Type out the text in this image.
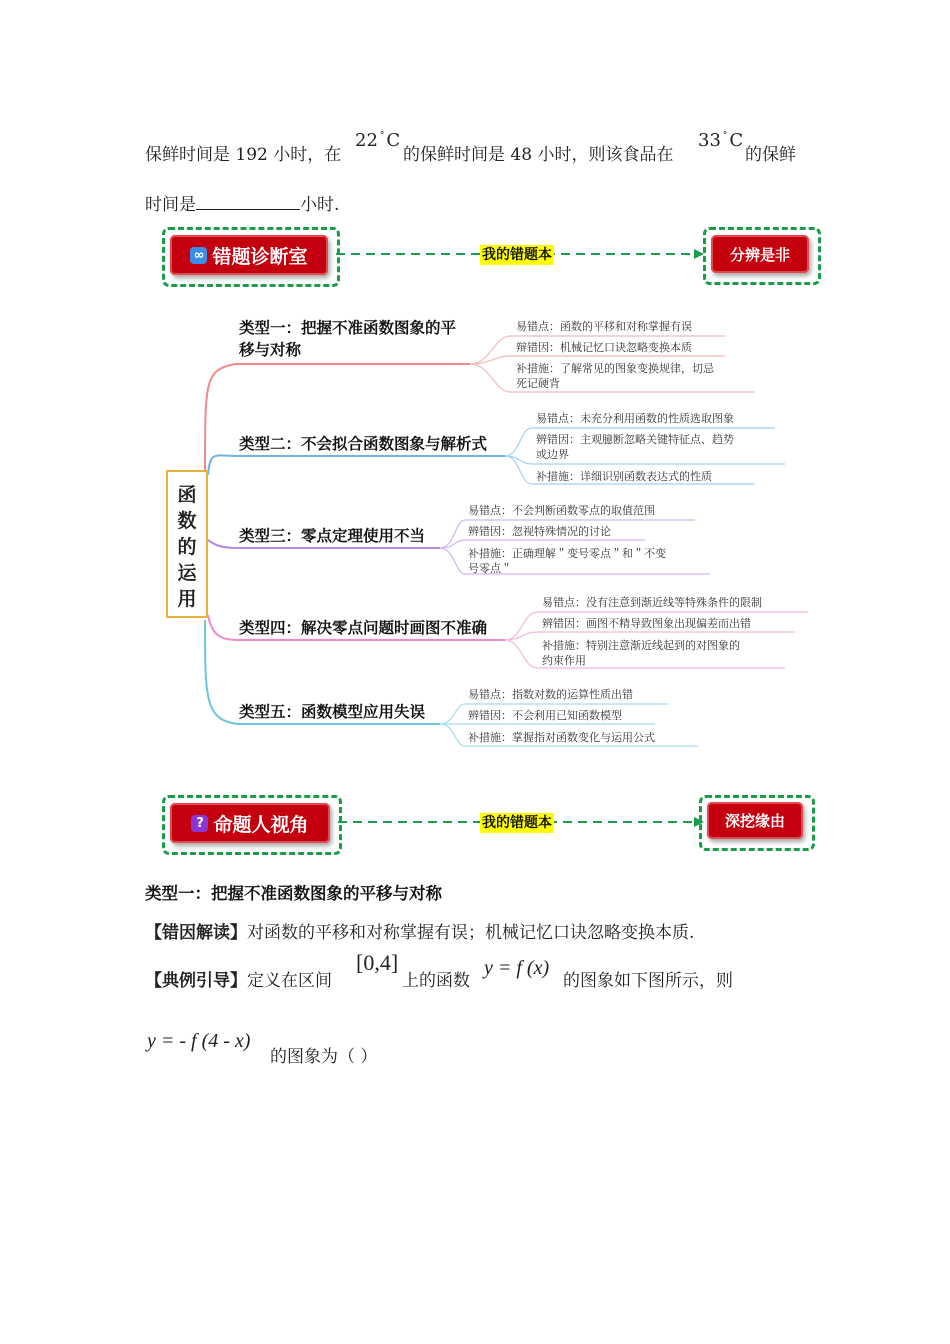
保鲜时间是 192 小时，在
22 ° C
的保鲜时间是 48 小时，则该食品在
33 ° C
的保鲜
时间是	小时.
∞ 错题诊断室	我的错题本	分辨是非
函
数
的
运
用
类型一：把握不准函数图象的平
移与对称
易错点：函数的平移和对称掌握有误
辩错因：机械记忆口诀忽略变换本质
补措施：了解常见的图象变换规律，切忌
死记硬背
类型二：不会拟合函数图象与解析式
易错点：未充分利用函数的性质选取图象
辨错因：主观臆断忽略关键特征点、趋势
或边界
补措施：详细识别函数表达式的性质
类型三：零点定理使用不当
易错点：不会判断函数零点的取值范围
辨错因：忽视特殊情况的讨论
补措施：正确理解＂变号零点＂和＂不变
号零点＂
类型四：解决零点问题时画图不准确
易错点：没有注意到渐近线等特殊条件的限制
辨错因：画图不精导致图象出现偏差而出错
补措施：特别注意渐近线起到的对图象的
约束作用
类型五：函数模型应用失误
易错点：指数对数的运算性质出错
辨错因：不会利用已知函数模型
补措施：掌握指对函数变化与运用公式
? 命题人视角	我的错题本	深挖缘由
类型一：把握不准函数图象的平移与对称
【错因解读】对函数的平移和对称掌握有误；机械记忆口诀忽略变换本质.
【典例引导】定义在区间
[0,4]
上的函数
y = f (x)
的图象如下图所示，则
y = - f (4 - x)
的图象为（ ）
